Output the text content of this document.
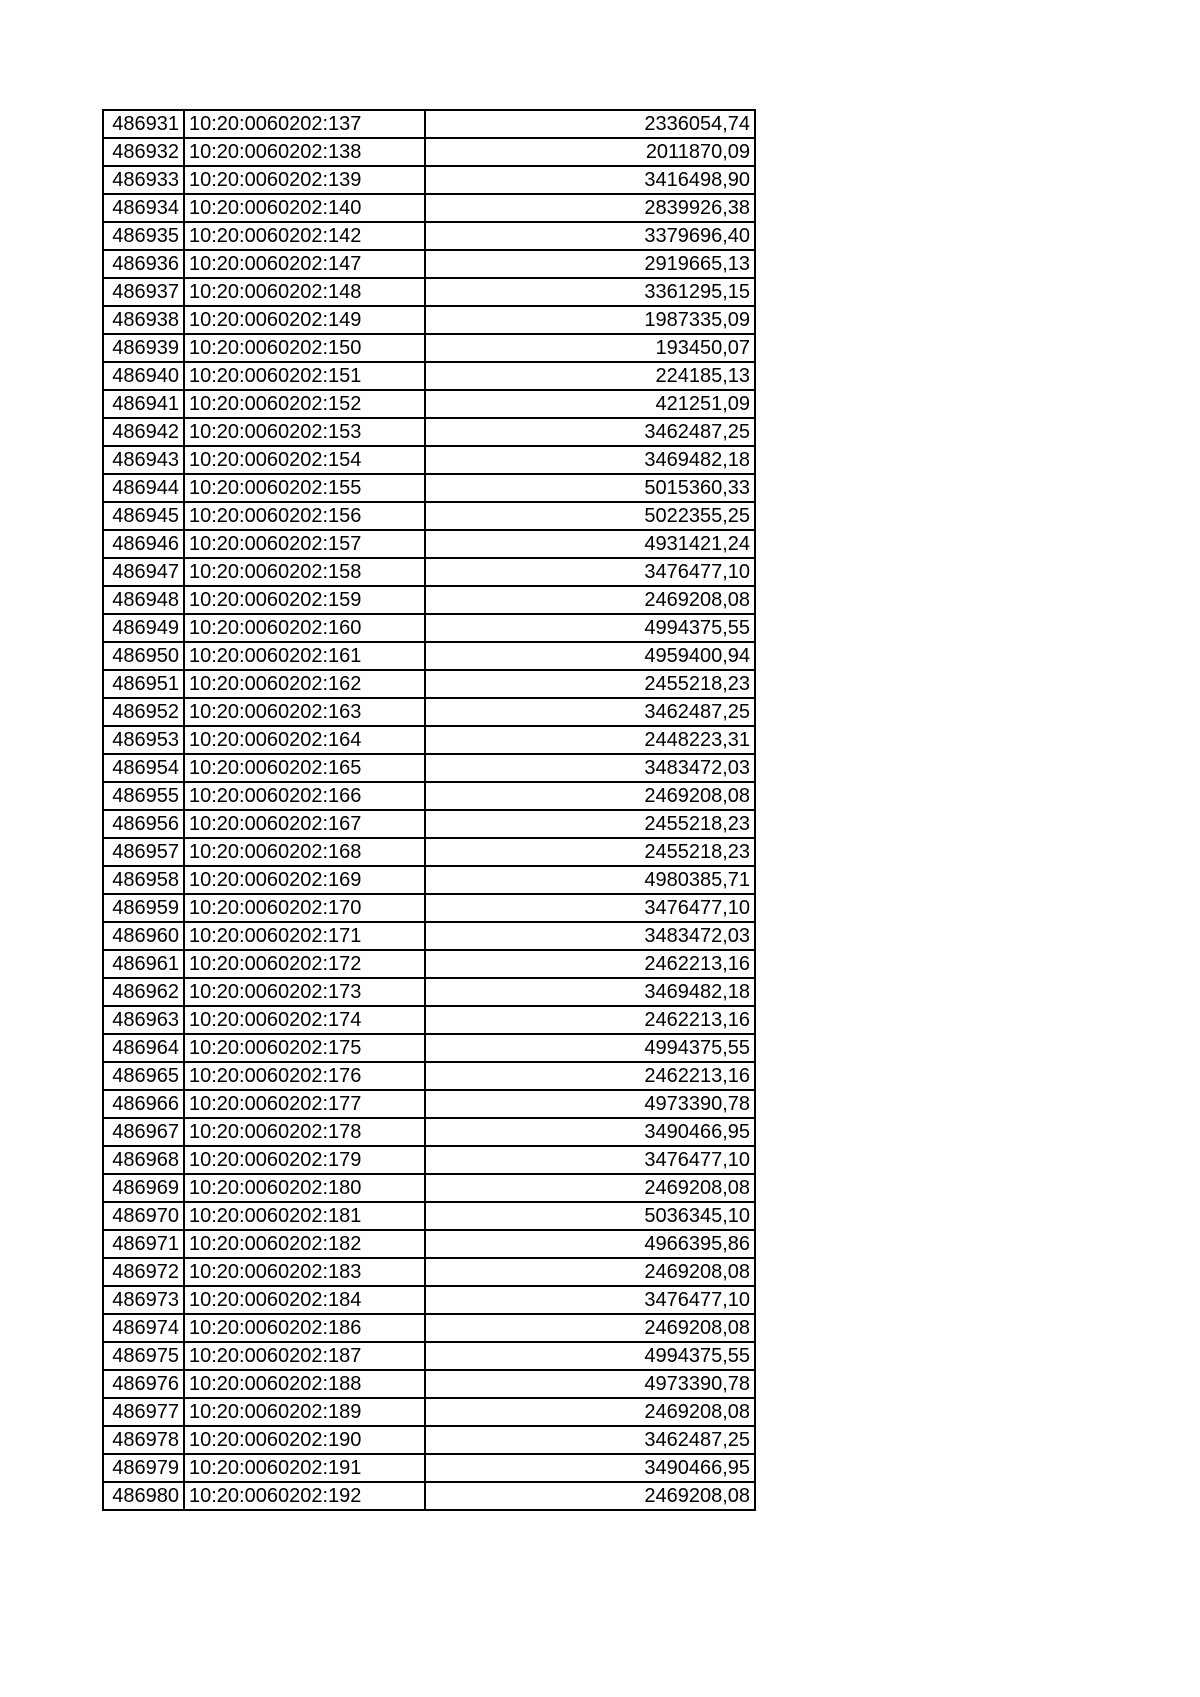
486931	10:20:0060202:137	2336054,74
486932	10:20:0060202:138	2011870,09
486933	10:20:0060202:139	3416498,90
486934	10:20:0060202:140	2839926,38
486935	10:20:0060202:142	3379696,40
486936	10:20:0060202:147	2919665,13
486937	10:20:0060202:148	3361295,15
486938	10:20:0060202:149	1987335,09
486939	10:20:0060202:150	193450,07
486940	10:20:0060202:151	224185,13
486941	10:20:0060202:152	421251,09
486942	10:20:0060202:153	3462487,25
486943	10:20:0060202:154	3469482,18
486944	10:20:0060202:155	5015360,33
486945	10:20:0060202:156	5022355,25
486946	10:20:0060202:157	4931421,24
486947	10:20:0060202:158	3476477,10
486948	10:20:0060202:159	2469208,08
486949	10:20:0060202:160	4994375,55
486950	10:20:0060202:161	4959400,94
486951	10:20:0060202:162	2455218,23
486952	10:20:0060202:163	3462487,25
486953	10:20:0060202:164	2448223,31
486954	10:20:0060202:165	3483472,03
486955	10:20:0060202:166	2469208,08
486956	10:20:0060202:167	2455218,23
486957	10:20:0060202:168	2455218,23
486958	10:20:0060202:169	4980385,71
486959	10:20:0060202:170	3476477,10
486960	10:20:0060202:171	3483472,03
486961	10:20:0060202:172	2462213,16
486962	10:20:0060202:173	3469482,18
486963	10:20:0060202:174	2462213,16
486964	10:20:0060202:175	4994375,55
486965	10:20:0060202:176	2462213,16
486966	10:20:0060202:177	4973390,78
486967	10:20:0060202:178	3490466,95
486968	10:20:0060202:179	3476477,10
486969	10:20:0060202:180	2469208,08
486970	10:20:0060202:181	5036345,10
486971	10:20:0060202:182	4966395,86
486972	10:20:0060202:183	2469208,08
486973	10:20:0060202:184	3476477,10
486974	10:20:0060202:186	2469208,08
486975	10:20:0060202:187	4994375,55
486976	10:20:0060202:188	4973390,78
486977	10:20:0060202:189	2469208,08
486978	10:20:0060202:190	3462487,25
486979	10:20:0060202:191	3490466,95
486980	10:20:0060202:192	2469208,08
